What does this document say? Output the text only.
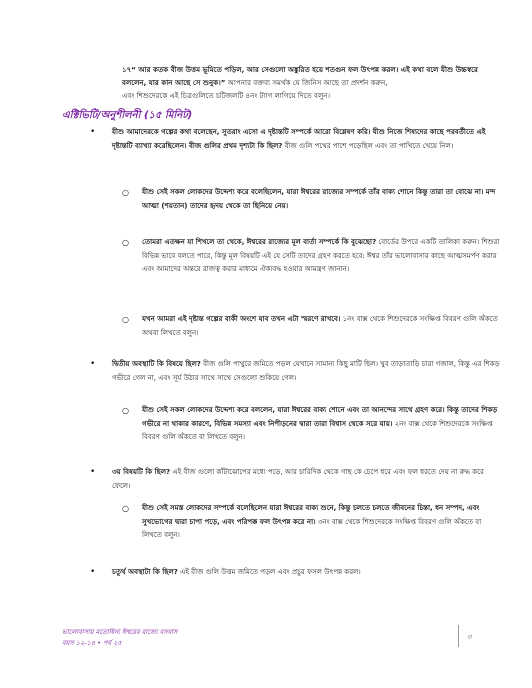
১৭“ আর কতক বীজ উত্তম ভূমিতে পড়িল, আর সেগুলো অঙ্কুরিত হয়ে শতগুন ফল উৎপন্ন করল। এই কথা বলে যীশু উচ্চস্বরে বললেন, যার কান আছে সে শুনুক।” আপনার বক্তব্য সমর্থক যে জিনিস আছে তা প্রদর্শন করুন,
এবং শিশুদেরকে এই চিত্রগুলিতে চটিজলটি ৪নং ট্যাগ লাগিয়ে দিতে বলুন।

এক্টিভিটি/অনুশীলনী (১৫ মিনিট)
•	যীশু আমাদেরকে গল্পের কথা বলেছেন, সুতরাং এসো এ দৃষ্টান্তটি সম্পর্কে আরো বিশ্লেষণ করি। যীশু নিজে শিষ্যদের কাছে পরবর্তীতে এই দৃষ্টান্তটি ব্যাখ্যা করেছিলেন। বীজ গুলির প্রথম দৃশ্যটা কি ছিল? বীজ গুলি পথের পাশে পড়েছিল এবং তা পাখিতে খেয়ে নিল।

○	যীশু সেই সকল লোকদের উদ্দেশ্য করে বলেছিলেন, যারা ঈশ্বরের রাজ্যের সম্পর্কে তাঁর বাক্য শোনে কিন্তু তারা তা বোঝে না। মন্দ আত্মা (শয়তান) তাদের হৃদয় থেকে তা ছিনিয়ে নেয়।

○	তোমরা এতক্ষন যা শিখলে তা থেকে, ঈশ্বরের রাজ্যের মূল বার্তা সম্পর্কে কি বুঝেছো? বোর্ডের উপরে একটি তালিকা করুন। শিশুরা বিভিন্ন ভাবে বলতে পারে, কিন্তু মূল বিষয়টি এই যে সেটি তাদের গ্রহণ করতে হবে: ঈশ্বর তাঁর ভালোবাসার কাছে আত্মসমর্পণ করার এবং আমাদের অন্তরে রাজত্ব করার মাধ্যমে ঐক্যবদ্ধ হওয়ার আমন্ত্রণ জানান।

○	যখন আমরা এই দৃষ্টান্ত গল্পের বাকী অংশে যাব তখন এটা স্মরণে রাখবে। ১নং বাক্স থেকে শিশুদেরকে সংক্ষিপ্ত বিবরণ গুলি অঁকতে অথবা লিখতে বলুন।

•	দ্বিতীয় অবস্থাটি কি বিষয়ে ছিল? বীজ গুলি পাথুরে জমিতে পড়ল যেখানে সামান্য কিছু মাটি ছিল। খুব তাড়াতাড়ি চারা গজাল, কিন্তু এর শিকড় গভীরে গেল না, এবং সূর্য উঠার সাথে সাথে সেগুলো শুকিয়ে গেল।

○	যীশু সেই সকল লোকদের উদ্দেশ্য করে বললেন, যারা ঈশ্বরের বাক্য শোনে এবং তা আনন্দের সাথে গ্রহণ করে। কিন্তু তাদের শিকড় গভীরে না থাকার কারণে, বিভিন্ন সমস্যা এবং নিপীড়নের দ্বারা তারা বিশ্বাস থেকে সরে যায়। ২নং বাক্স থেকে শিশুদেরকে সংক্ষিপ্ত বিবরণ গুলি অঁকতে বা লিখতে বলুন।

•	৩য় বিষয়টি কি ছিল? এই বীজ গুলো কাঁটাঝোপের মধ্যে পড়ে, আর চারিদিক থেকে গাছ কে চেপে ধরে এবং ফল ধরতে দেয় না রুদ্ধ করে ফেলে।

○	যীশু সেই সমস্ত লোকদের সম্পর্কে বলেছিলেন যারা ঈশ্বরের বাক্য শুনে, কিন্তু চলতে চলতে জীবনের চিন্তা, ধন সম্পদ, এবং সুখভোগের দ্বারা চাপা পড়ে, এবং পরিপক্ক ফল উৎপন্ন করে না। ৩নং বাক্স থেকে শিশুদেরকে সংক্ষিপ্ত বিবরণ গুলি অঁকতে বা লিখতে বলুন।

•	চতুর্থ অবস্থাটা কি ছিল? এই বীজ গুলি উত্তম জমিতে পড়ল এবং প্রচুর ফসল উৎপন্ন করল।

ভালোবাসায় মতোধিন্য ঈশ্বরের রাজ্যে বসবাস
বয়স ১২-১৪ • পর্ব ২৫
৩
